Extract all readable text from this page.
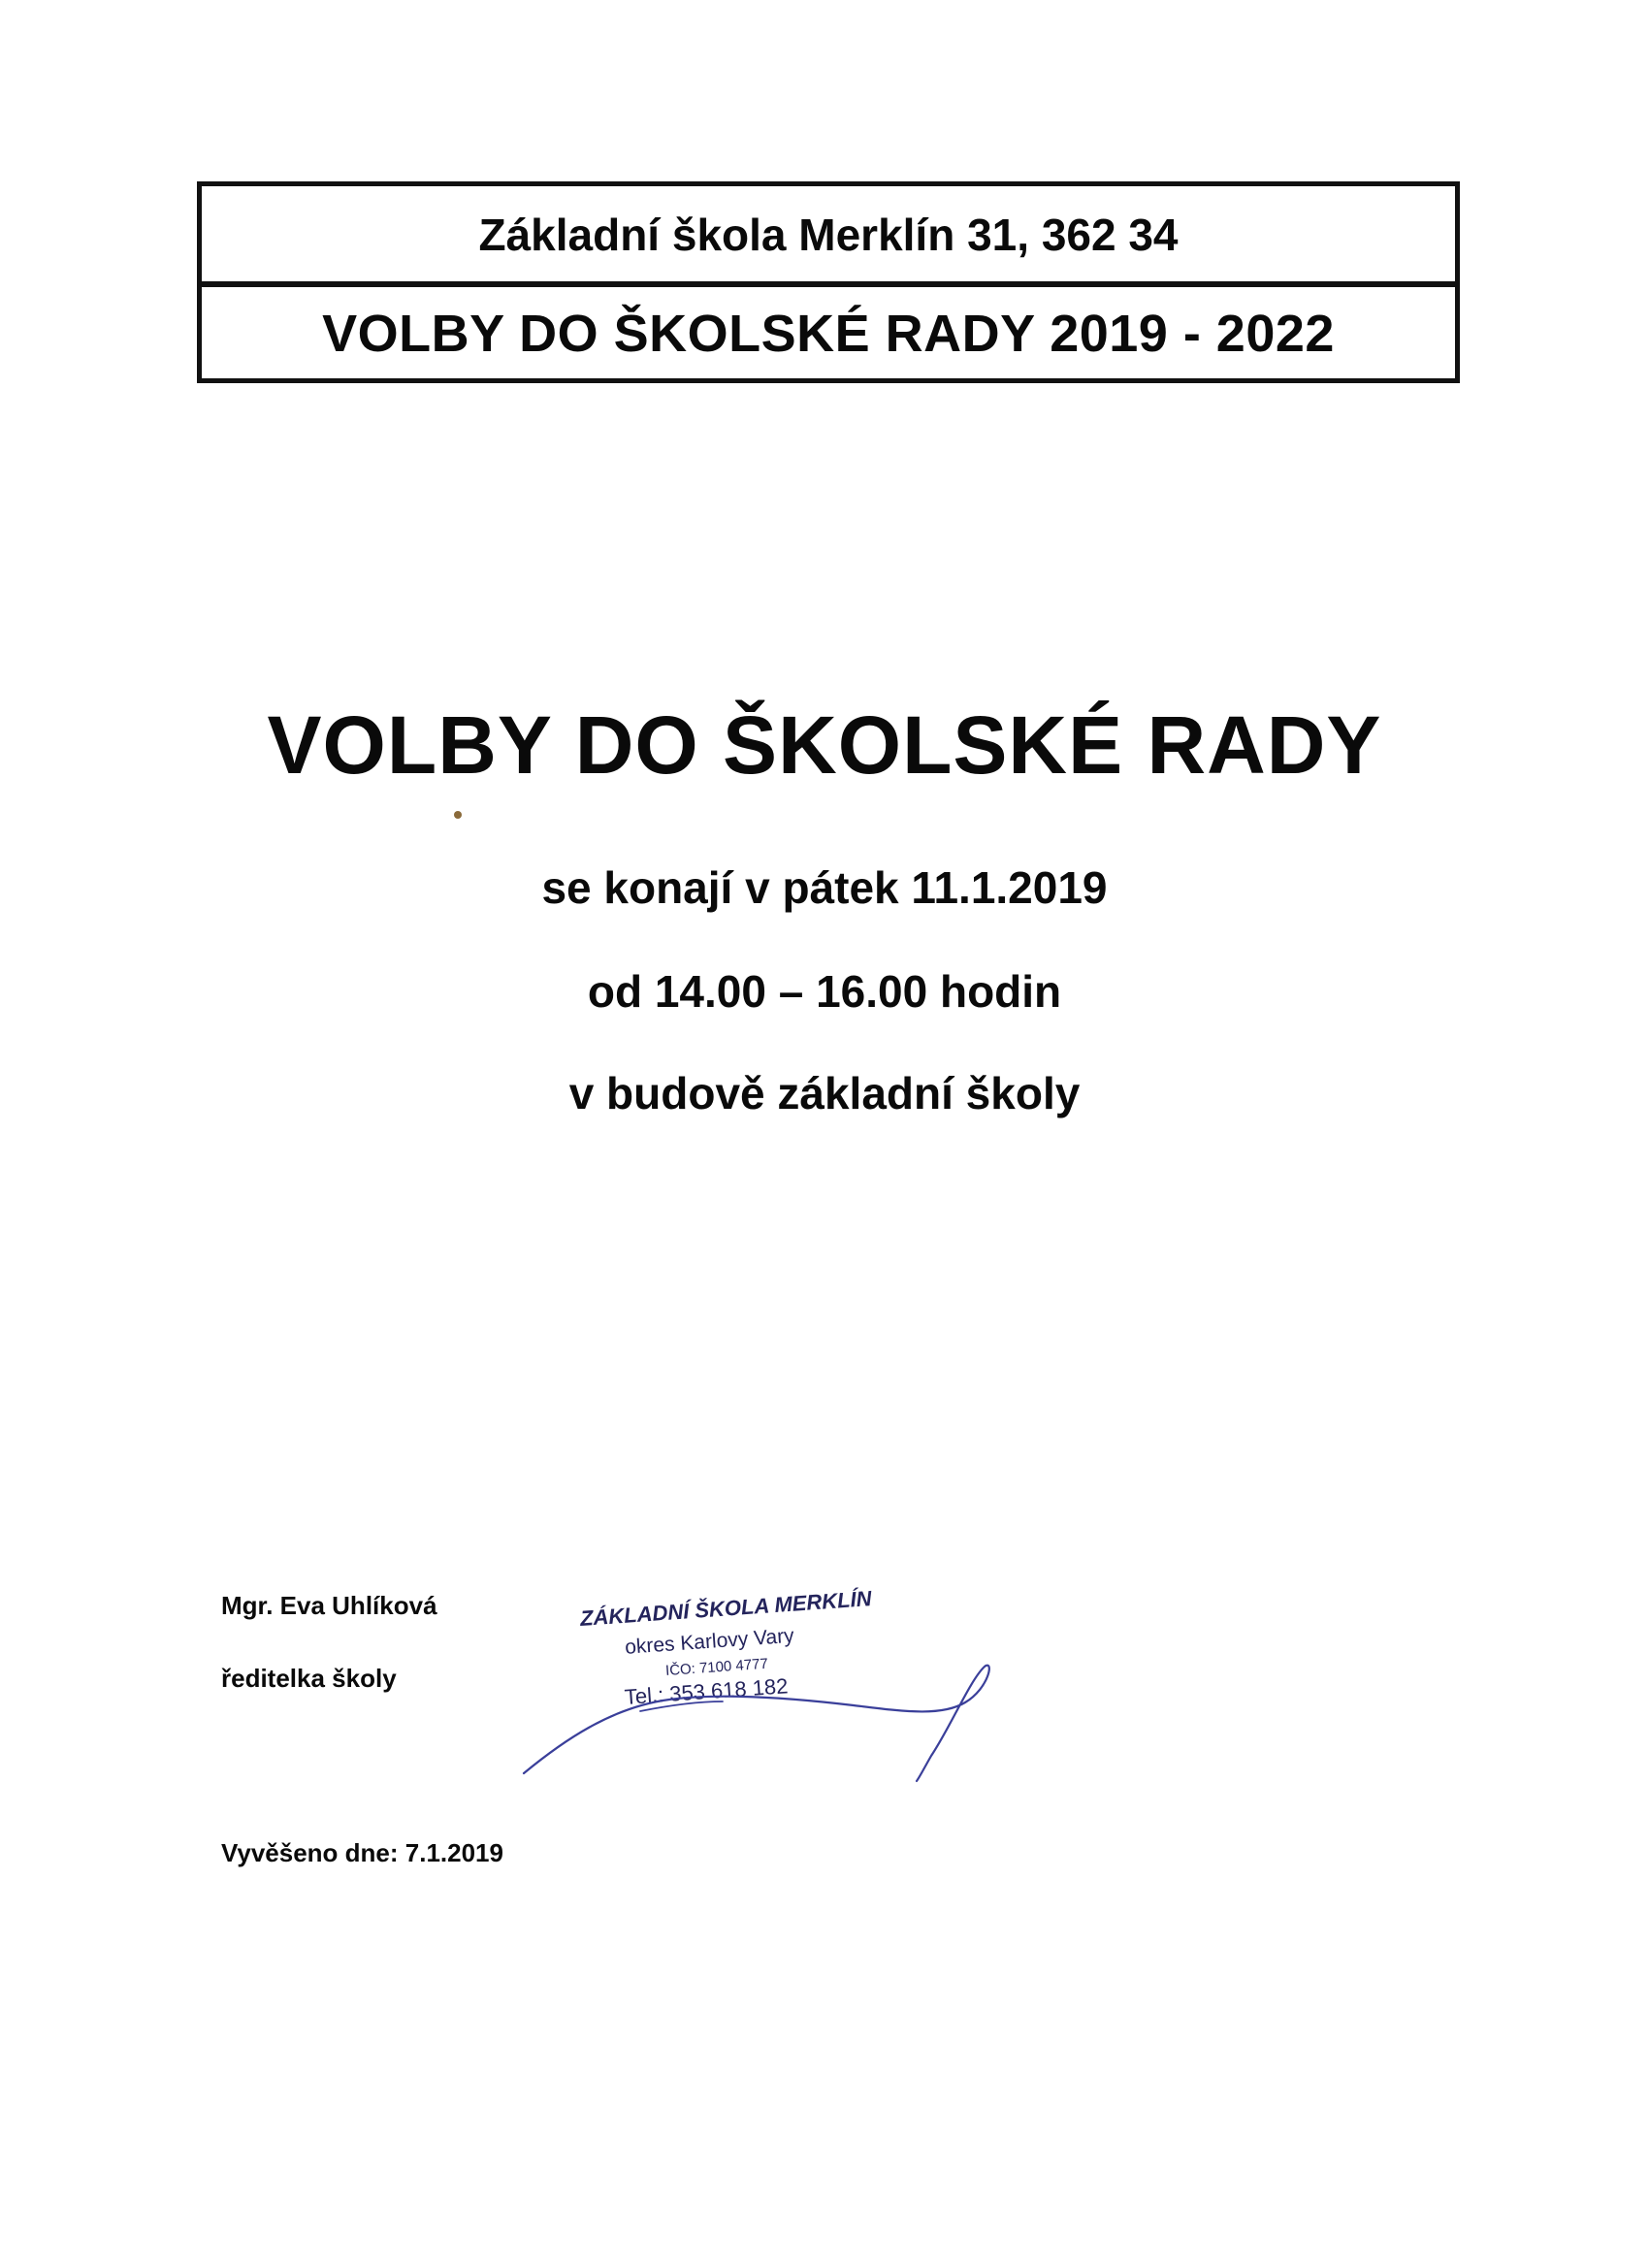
Základní škola Merklín 31, 362 34
VOLBY DO ŠKOLSKÉ RADY 2019 - 2022
VOLBY DO ŠKOLSKÉ RADY
se konají v pátek 11.1.2019
od 14.00 – 16.00 hodin
v budově základní školy
Mgr. Eva Uhlíková
ředitelka školy
ZÁKLADNÍ ŠKOLA MERKLÍN
okres Karlovy Vary
IČO: 7100 4777
Tel.: 353 618 182
Vyvěšeno dne: 7.1.2019
